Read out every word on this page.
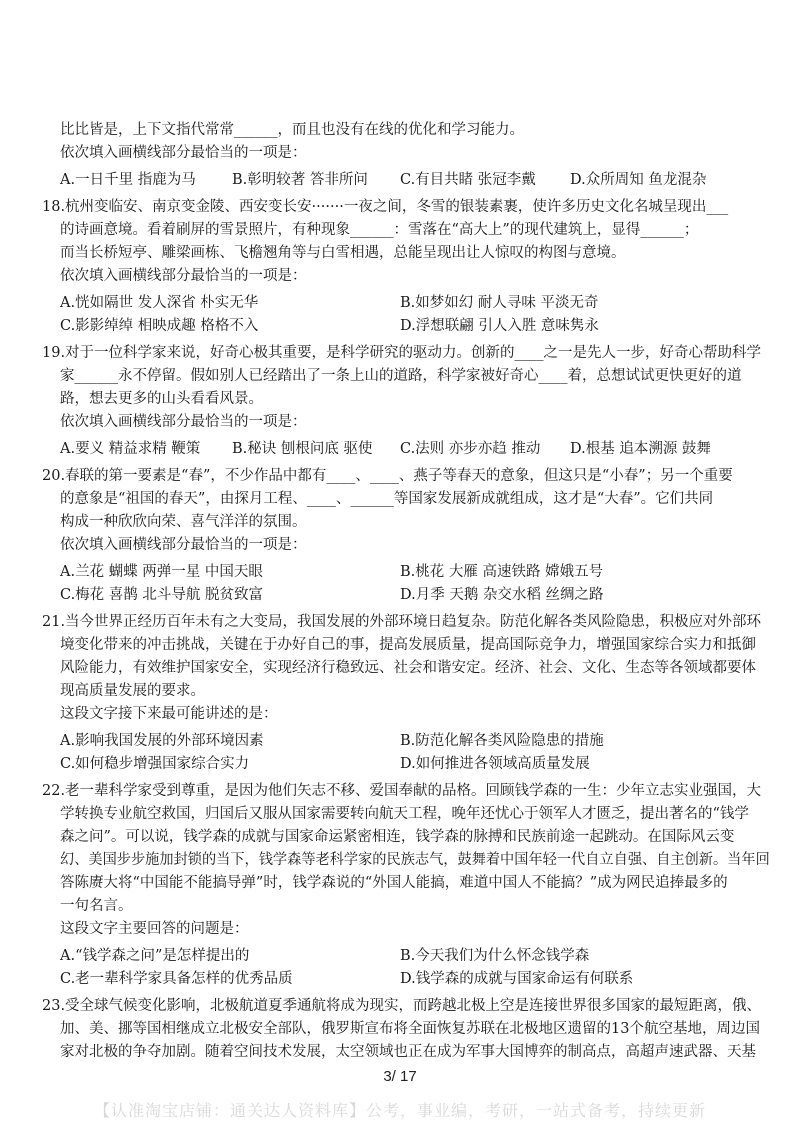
比比皆是，上下文指代常常______，而且也没有在线的优化和学习能力。
依次填入画横线部分最恰当的一项是：
A.一日千里 指鹿为马	B.彰明较著 答非所问 C.有目共睹 张冠李戴 D.众所周知 鱼龙混杂
18.杭州变临安、南京变金陵、西安变长安·······一夜之间，冬雪的银装素裹，使许多历史文化名城呈现出___
的诗画意境。看着刷屏的雪景照片，有种现象______：雪落在“高大上”的现代建筑上，显得______；
而当长桥短亭、雕梁画栋、飞檐翘角等与白雪相遇，总能呈现出让人惊叹的构图与意境。
依次填入画横线部分最恰当的一项是：
A.恍如隔世 发人深省 朴实无华	B.如梦如幻 耐人寻味 平淡无奇
C.影影绰绰 相映成趣 格格不入	D.浮想联翩 引人入胜 意味隽永
19.对于一位科学家来说，好奇心极其重要，是科学研究的驱动力。创新的____之一是先人一步，好奇心帮助科学
家______永不停留。假如别人已经踏出了一条上山的道路，科学家被好奇心____着，总想试试更快更好的道
路，想去更多的山头看看风景。
依次填入画横线部分最恰当的一项是：
A.要义 精益求精 鞭策 B.秘诀 刨根问底 驱使 C.法则 亦步亦趋 推动 D.根基 追本溯源 鼓舞
20.春联的第一要素是“春”，不少作品中都有____、____、燕子等春天的意象，但这只是“小春”；另一个重要
的意象是“祖国的春天”，由探月工程、____、______等国家发展新成就组成，这才是“大春”。它们共同
构成一种欣欣向荣、喜气洋洋的氛围。
依次填入画横线部分最恰当的一项是：
A.兰花 蝴蝶 两弹一星 中国天眼	B.桃花 大雁 高速铁路 嫦娥五号
C.梅花 喜鹊 北斗导航 脱贫致富	D.月季 天鹅 杂交水稻 丝绸之路
21.当今世界正经历百年未有之大变局，我国发展的外部环境日趋复杂。防范化解各类风险隐患，积极应对外部环
境变化带来的冲击挑战，关键在于办好自己的事，提高发展质量，提高国际竞争力，增强国家综合实力和抵御
风险能力，有效维护国家安全，实现经济行稳致远、社会和谐安定。经济、社会、文化、生态等各领域都要体
现高质量发展的要求。
这段文字接下来最可能讲述的是：
A.影响我国发展的外部环境因素	B.防范化解各类风险隐患的措施
C.如何稳步增强国家综合实力	D.如何推进各领域高质量发展
22.老一辈科学家受到尊重，是因为他们矢志不移、爱国奉献的品格。回顾钱学森的一生：少年立志实业强国，大
学转换专业航空救国，归国后又服从国家需要转向航天工程，晚年还忧心于领军人才匮乏，提出著名的“钱学
森之问”。可以说，钱学森的成就与国家命运紧密相连，钱学森的脉搏和民族前途一起跳动。在国际风云变
幻、美国步步施加封锁的当下，钱学森等老科学家的民族志气，鼓舞着中国年轻一代自立自强、自主创新。当年回
答陈赓大将“中国能不能搞导弹”时，钱学森说的“外国人能搞，难道中国人不能搞？”成为网民追捧最多的
一句名言。
这段文字主要回答的问题是：
A.“钱学森之问”是怎样提出的	B.今天我们为什么怀念钱学森
C.老一辈科学家具备怎样的优秀品质	D.钱学森的成就与国家命运有何联系
23.受全球气候变化影响，北极航道夏季通航将成为现实，而跨越北极上空是连接世界很多国家的最短距离，俄、
加、美、挪等国相继成立北极安全部队，俄罗斯宣布将全面恢复苏联在北极地区遗留的13个航空基地，周边国
家对北极的争夺加剧。随着空间技术发展，太空领域也正在成为军事大国博弈的制高点，高超声速武器、天基
3/ 17
【认准淘宝店铺：通关达人资料库】公考，事业编，考研，一站式备考，持续更新
